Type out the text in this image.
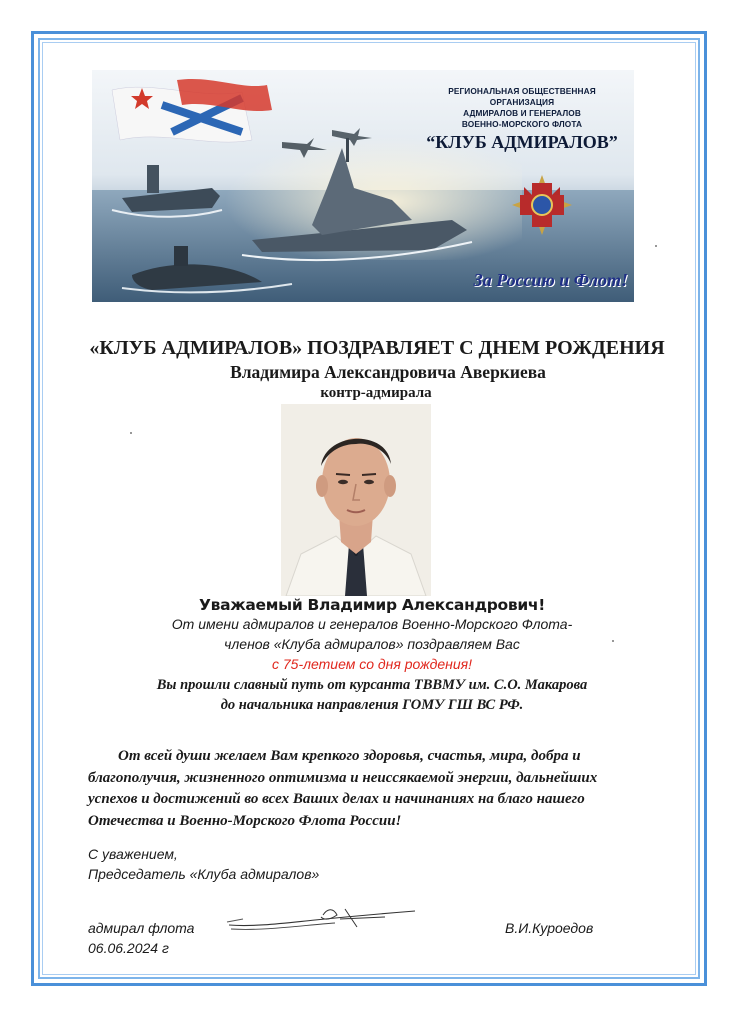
РЕГИОНАЛЬНАЯ ОБЩЕСТВЕННАЯ ОРГАНИЗАЦИЯ
АДМИРАЛОВ И ГЕНЕРАЛОВ
ВОЕННО-МОРСКОГО ФЛОТА
“КЛУБ АДМИРАЛОВ”
За Россию и Флот!
«КЛУБ АДМИРАЛОВ» ПОЗДРАВЛЯЕТ С ДНЕМ РОЖДЕНИЯ
Владимира Александровича Аверкиева
контр-адмирала
Уважаемый Владимир Александрович!
От имени адмиралов и генералов Военно-Морского Флота-
членов «Клуба адмиралов» поздравляем Вас
с 75-летием со дня рождения!
Вы прошли славный путь от курсанта ТВВМУ им. С.О. Макарова
до начальника направления ГОМУ ГШ ВС РФ.
От всей души желаем Вам крепкого здоровья, счастья, мира, добра и благополучия, жизненного оптимизма и неиссякаемой энергии, дальнейших успехов и достижений во всех Ваших делах и начинаниях на благо нашего Отечества и Военно-Морского Флота России!
С уважением,
Председатель «Клуба адмиралов»
адмирал флота
06.06.2024 г
В.И.Куроедов
